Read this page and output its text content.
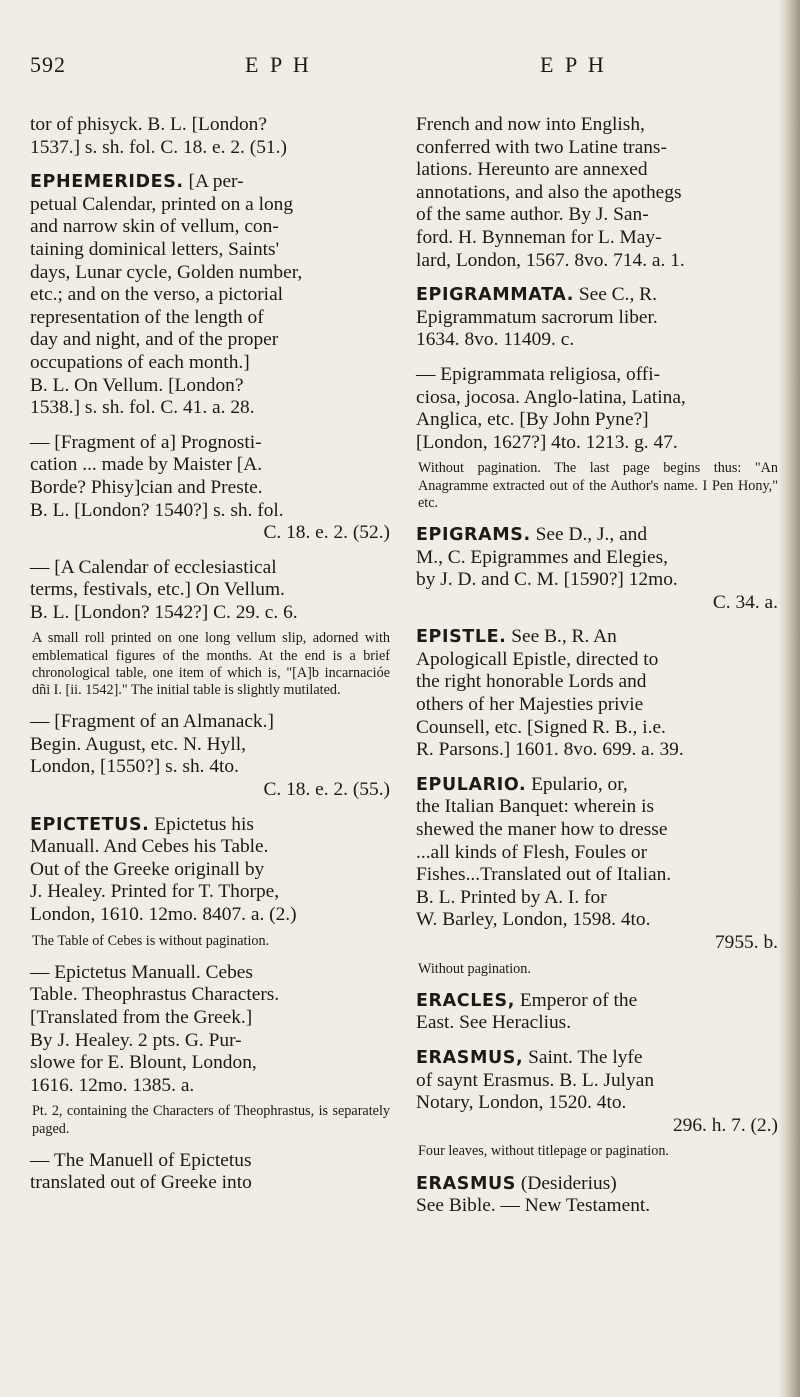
592	E P H	E P H
tor of phisyck. B. L. [London?
1537.] s. sh. fol. C. 18. e. 2. (51.)
EPHEMERIDES. [A per-
petual Calendar, printed on a long
and narrow skin of vellum, con-
taining dominical letters, Saints'
days, Lunar cycle, Golden number,
etc.; and on the verso, a pictorial
representation of the length of
day and night, and of the proper
occupations of each month.]
B. L. On Vellum. [London?
1538.] s. sh. fol. C. 41. a. 28.
— [Fragment of a] Prognosti-
cation ... made by Maister [A.
Borde? Phisy]cian and Preste.
B. L. [London? 1540?] s. sh. fol.
C. 18. e. 2. (52.)
— [A Calendar of ecclesiastical
terms, festivals, etc.] On Vellum.
B. L. [London? 1542?] C. 29. c. 6.
A small roll printed on one long vellum slip, adorned with emblematical figures of the months. At the end is a brief chronological table, one item of which is, "[A]b incarnacióe dñi I. [ii. 1542]." The initial table is slightly mutilated.
— [Fragment of an Almanack.]
Begin. August, etc. N. Hyll,
London, [1550?] s. sh. 4to.
C. 18. e. 2. (55.)
EPICTETUS. Epictetus his
Manuall. And Cebes his Table.
Out of the Greeke originall by
J. Healey. Printed for T. Thorpe,
London, 1610. 12mo. 8407. a. (2.)
The Table of Cebes is without pagination.
— Epictetus Manuall. Cebes
Table. Theophrastus Characters.
[Translated from the Greek.]
By J. Healey. 2 pts. G. Pur-
slowe for E. Blount, London,
1616. 12mo. 1385. a.
Pt. 2, containing the Characters of Theophrastus, is separately paged.
— The Manuell of Epictetus
translated out of Greeke into
French and now into English,
conferred with two Latine trans-
lations. Hereunto are annexed
annotations, and also the apothegs
of the same author. By J. San-
ford. H. Bynneman for L. May-
lard, London, 1567. 8vo. 714. a. 1.
EPIGRAMMATA. See C., R.
Epigrammatum sacrorum liber.
1634. 8vo. 11409. c.
— Epigrammata religiosa, offi-
ciosa, jocosa. Anglo-latina, Latina,
Anglica, etc. [By John Pyne?]
[London, 1627?] 4to. 1213. g. 47.
Without pagination. The last page begins thus: "An Anagramme extracted out of the Author's name. I Pen Hony," etc.
EPIGRAMS. See D., J., and
M., C. Epigrammes and Elegies,
by J. D. and C. M. [1590?] 12mo.
C. 34. a.
EPISTLE. See B., R. An
Apologicall Epistle, directed to
the right honorable Lords and
others of her Majesties privie
Counsell, etc. [Signed R. B., i.e.
R. Parsons.] 1601. 8vo. 699. a. 39.
EPULARIO. Epulario, or,
the Italian Banquet: wherein is
shewed the maner how to dresse
...all kinds of Flesh, Foules or
Fishes...Translated out of Italian.
B. L. Printed by A. I. for
W. Barley, London, 1598. 4to.
7955. b.
Without pagination.
ERACLES, Emperor of the
East. See Heraclius.
ERASMUS, Saint. The lyfe
of saynt Erasmus. B. L. Julyan
Notary, London, 1520. 4to.
296. h. 7. (2.)
Four leaves, without titlepage or pagination.
ERASMUS (Desiderius)
See Bible. — New Testament.
